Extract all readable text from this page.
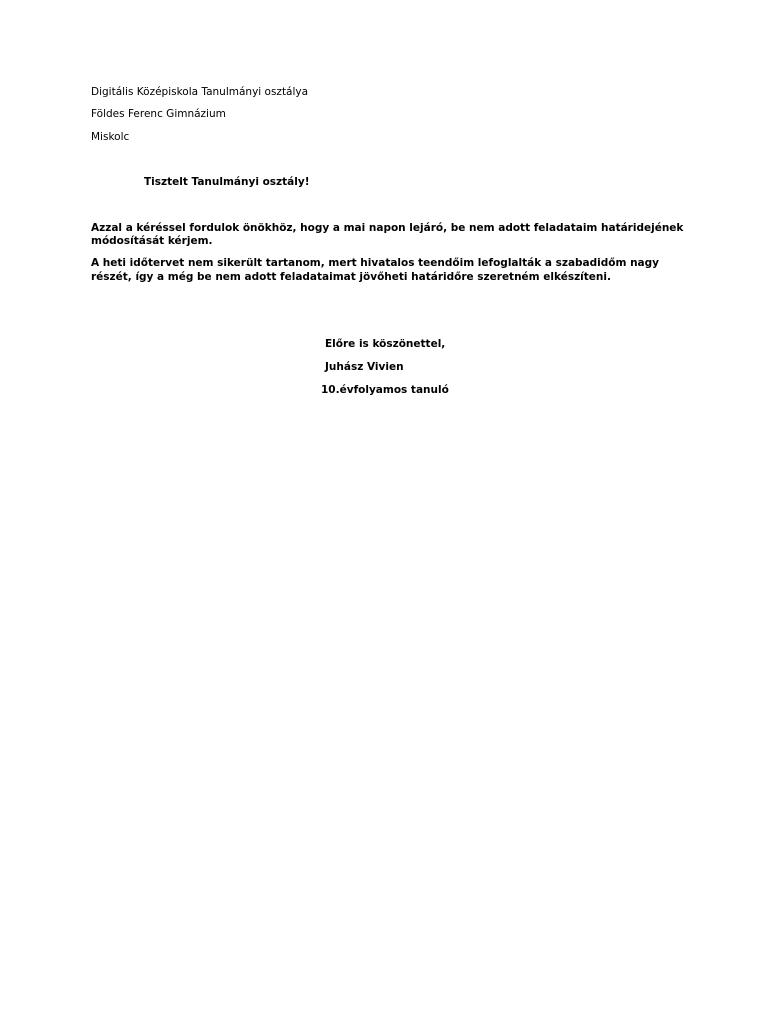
Digitális Középiskola Tanulmányi osztálya
Földes Ferenc Gimnázium
Miskolc
Tisztelt Tanulmányi osztály!
Azzal a kéréssel fordulok önökhöz, hogy a mai napon lejáró, be nem adott feladataim határidejének
módosítását kérjem.
A heti időtervet nem sikerült tartanom, mert hivatalos teendőim lefoglalták a szabadidőm nagy
részét, így a még be nem adott feladataimat jövőheti határidőre szeretném elkészíteni.
Előre is köszönettel,
Juhász Vivien
10.évfolyamos tanuló
